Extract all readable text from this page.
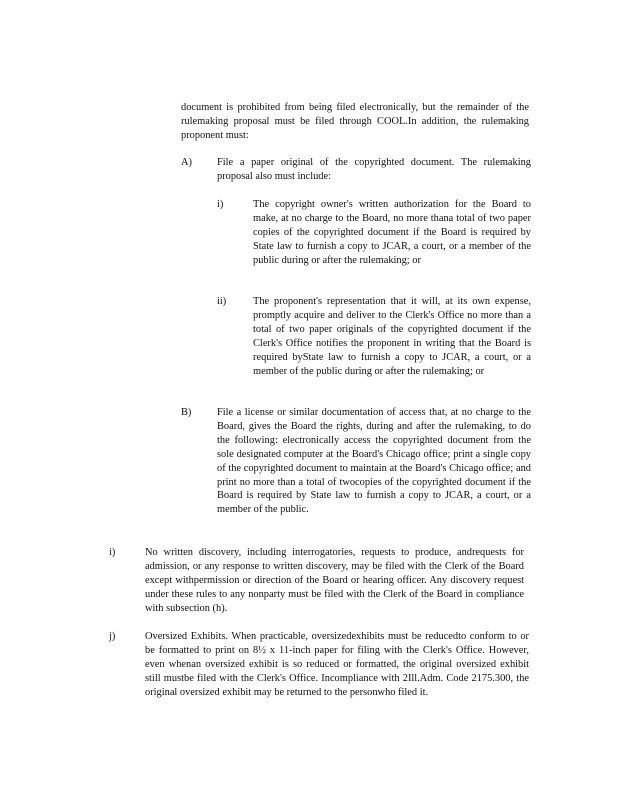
document is prohibited from being filed electronically, but the remainder of the rulemaking proposal must be filed through COOL.In addition, the rulemaking proponent must:

A) File a paper original of the copyrighted document. The rulemaking proposal also must include:

i)	The copyright owner's written authorization for the Board to make, at no charge to the Board, no more thana total of two paper copies of the copyrighted document if the Board is required by State law to furnish a copy to JCAR, a court, or a member of the public during or after the rulemaking; or

ii)	The proponent's representation that it will, at its own expense, promptly acquire and deliver to the Clerk's Office no more than a total of two paper originals of the copyrighted document if the Clerk's Office notifies the proponent in writing that the Board is required byState law to furnish a copy to JCAR, a court, or a member of the public during or after the rulemaking; or

B) File a license or similar documentation of access that, at no charge to the Board, gives the Board the rights, during and after the rulemaking, to do the following: electronically access the copyrighted document from the sole designated computer at the Board's Chicago office; print a single copy of the copyrighted document to maintain at the Board's Chicago office; and print no more than a total of twocopies of the copyrighted document if the Board is required by State law to furnish a copy to JCAR, a court, or a member of the public.

i)	No written discovery, including interrogatories, requests to produce, andrequests for admission, or any response to written discovery, may be filed with the Clerk of the Board except withpermission or direction of the Board or hearing officer. Any discovery request under these rules to any nonparty must be filed with the Clerk of the Board in compliance with subsection (h).

j)	Oversized Exhibits. When practicable, oversizedexhibits must be reducedto conform to or be formatted to print on 8½ x 11-inch paper for filing with the Clerk's Office. However, even whenan oversized exhibit is so reduced or formatted, the original oversized exhibit still mustbe filed with the Clerk's Office. Incompliance with 2Ill.Adm. Code 2175.300, the original oversized exhibit may be returned to the personwho filed it.
